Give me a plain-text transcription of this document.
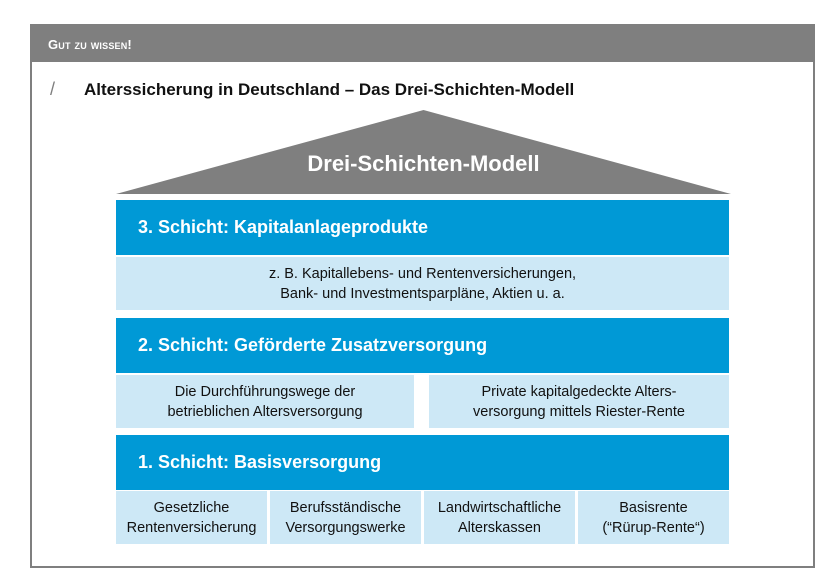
Gut zu wissen!
/ Alterssicherung in Deutschland – Das Drei-Schichten-Modell
Drei-Schichten-Modell
3. Schicht: Kapitalanlageprodukte
z. B. Kapitallebens- und Rentenversicherungen,
Bank- und Investmentsparpläne, Aktien u. a.
2. Schicht: Geförderte Zusatzversorgung
Die Durchführungswege der
betrieblichen Altersversorgung
Private kapitalgedeckte Alters-
versorgung mittels Riester-Rente
1. Schicht: Basisversorgung
Gesetzliche
Rentenversicherung
Berufsständische
Versorgungswerke
Landwirtschaftliche
Alterskassen
Basisrente
(“Rürup-Rente“)
